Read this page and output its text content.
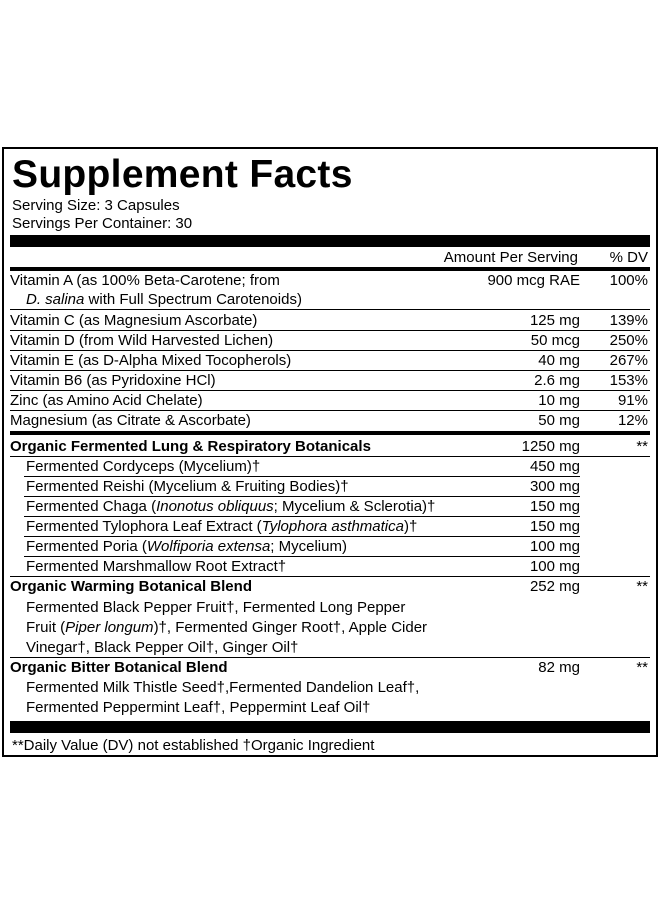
Supplement Facts
Serving Size: 3 Capsules
Servings Per Container: 30
Amount Per Serving % DV
Vitamin A (as 100% Beta-Carotene; from	900 mcg RAE 100%
D. salina with Full Spectrum Carotenoids)
Vitamin C (as Magnesium Ascorbate)	125 mg 139%
Vitamin D (from Wild Harvested Lichen)	50 mcg 250%
Vitamin E (as D-Alpha Mixed Tocopherols)	40 mg 267%
Vitamin B6 (as Pyridoxine HCl)	2.6 mg 153%
Zinc (as Amino Acid Chelate)	10 mg	91%
Magnesium (as Citrate & Ascorbate)	50 mg	12%
Organic Fermented Lung & Respiratory Botanicals	1250 mg	**
Fermented Cordyceps (Mycelium)†	450 mg
Fermented Reishi (Mycelium & Fruiting Bodies)†	300 mg
Fermented Chaga (Inonotus obliquus; Mycelium & Sclerotia)†	150 mg
Fermented Tylophora Leaf Extract (Tylophora asthmatica)†	150 mg
Fermented Poria (Wolfiporia extensa; Mycelium)	100 mg
Fermented Marshmallow Root Extract†	100 mg
Organic Warming Botanical Blend	252 mg	**
Fermented Black Pepper Fruit†, Fermented Long Pepper
Fruit (Piper longum)†, Fermented Ginger Root†, Apple Cider
Vinegar†, Black Pepper Oil†, Ginger Oil†
Organic Bitter Botanical Blend	82 mg	**
Fermented Milk Thistle Seed†,Fermented Dandelion Leaf†,
Fermented Peppermint Leaf†, Peppermint Leaf Oil†
**Daily Value (DV) not established †Organic Ingredient
